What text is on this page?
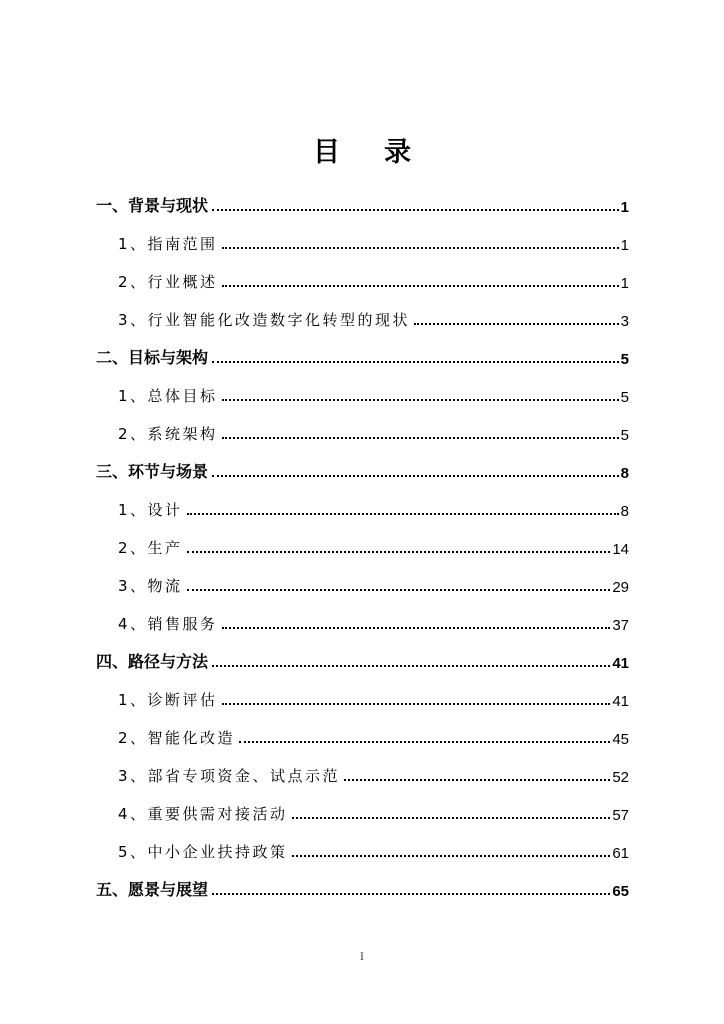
目录
一、背景与现状	1
1、指南范围	1
2、行业概述	1
3、行业智能化改造数字化转型的现状	3
二、目标与架构	5
1、总体目标	5
2、系统架构	5
三、环节与场景	8
1、设计	8
2、生产	14
3、物流	29
4、销售服务	37
四、路径与方法	41
1、诊断评估	41
2、智能化改造	45
3、部省专项资金、试点示范	52
4、重要供需对接活动	57
5、中小企业扶持政策	61
五、愿景与展望	65
I
